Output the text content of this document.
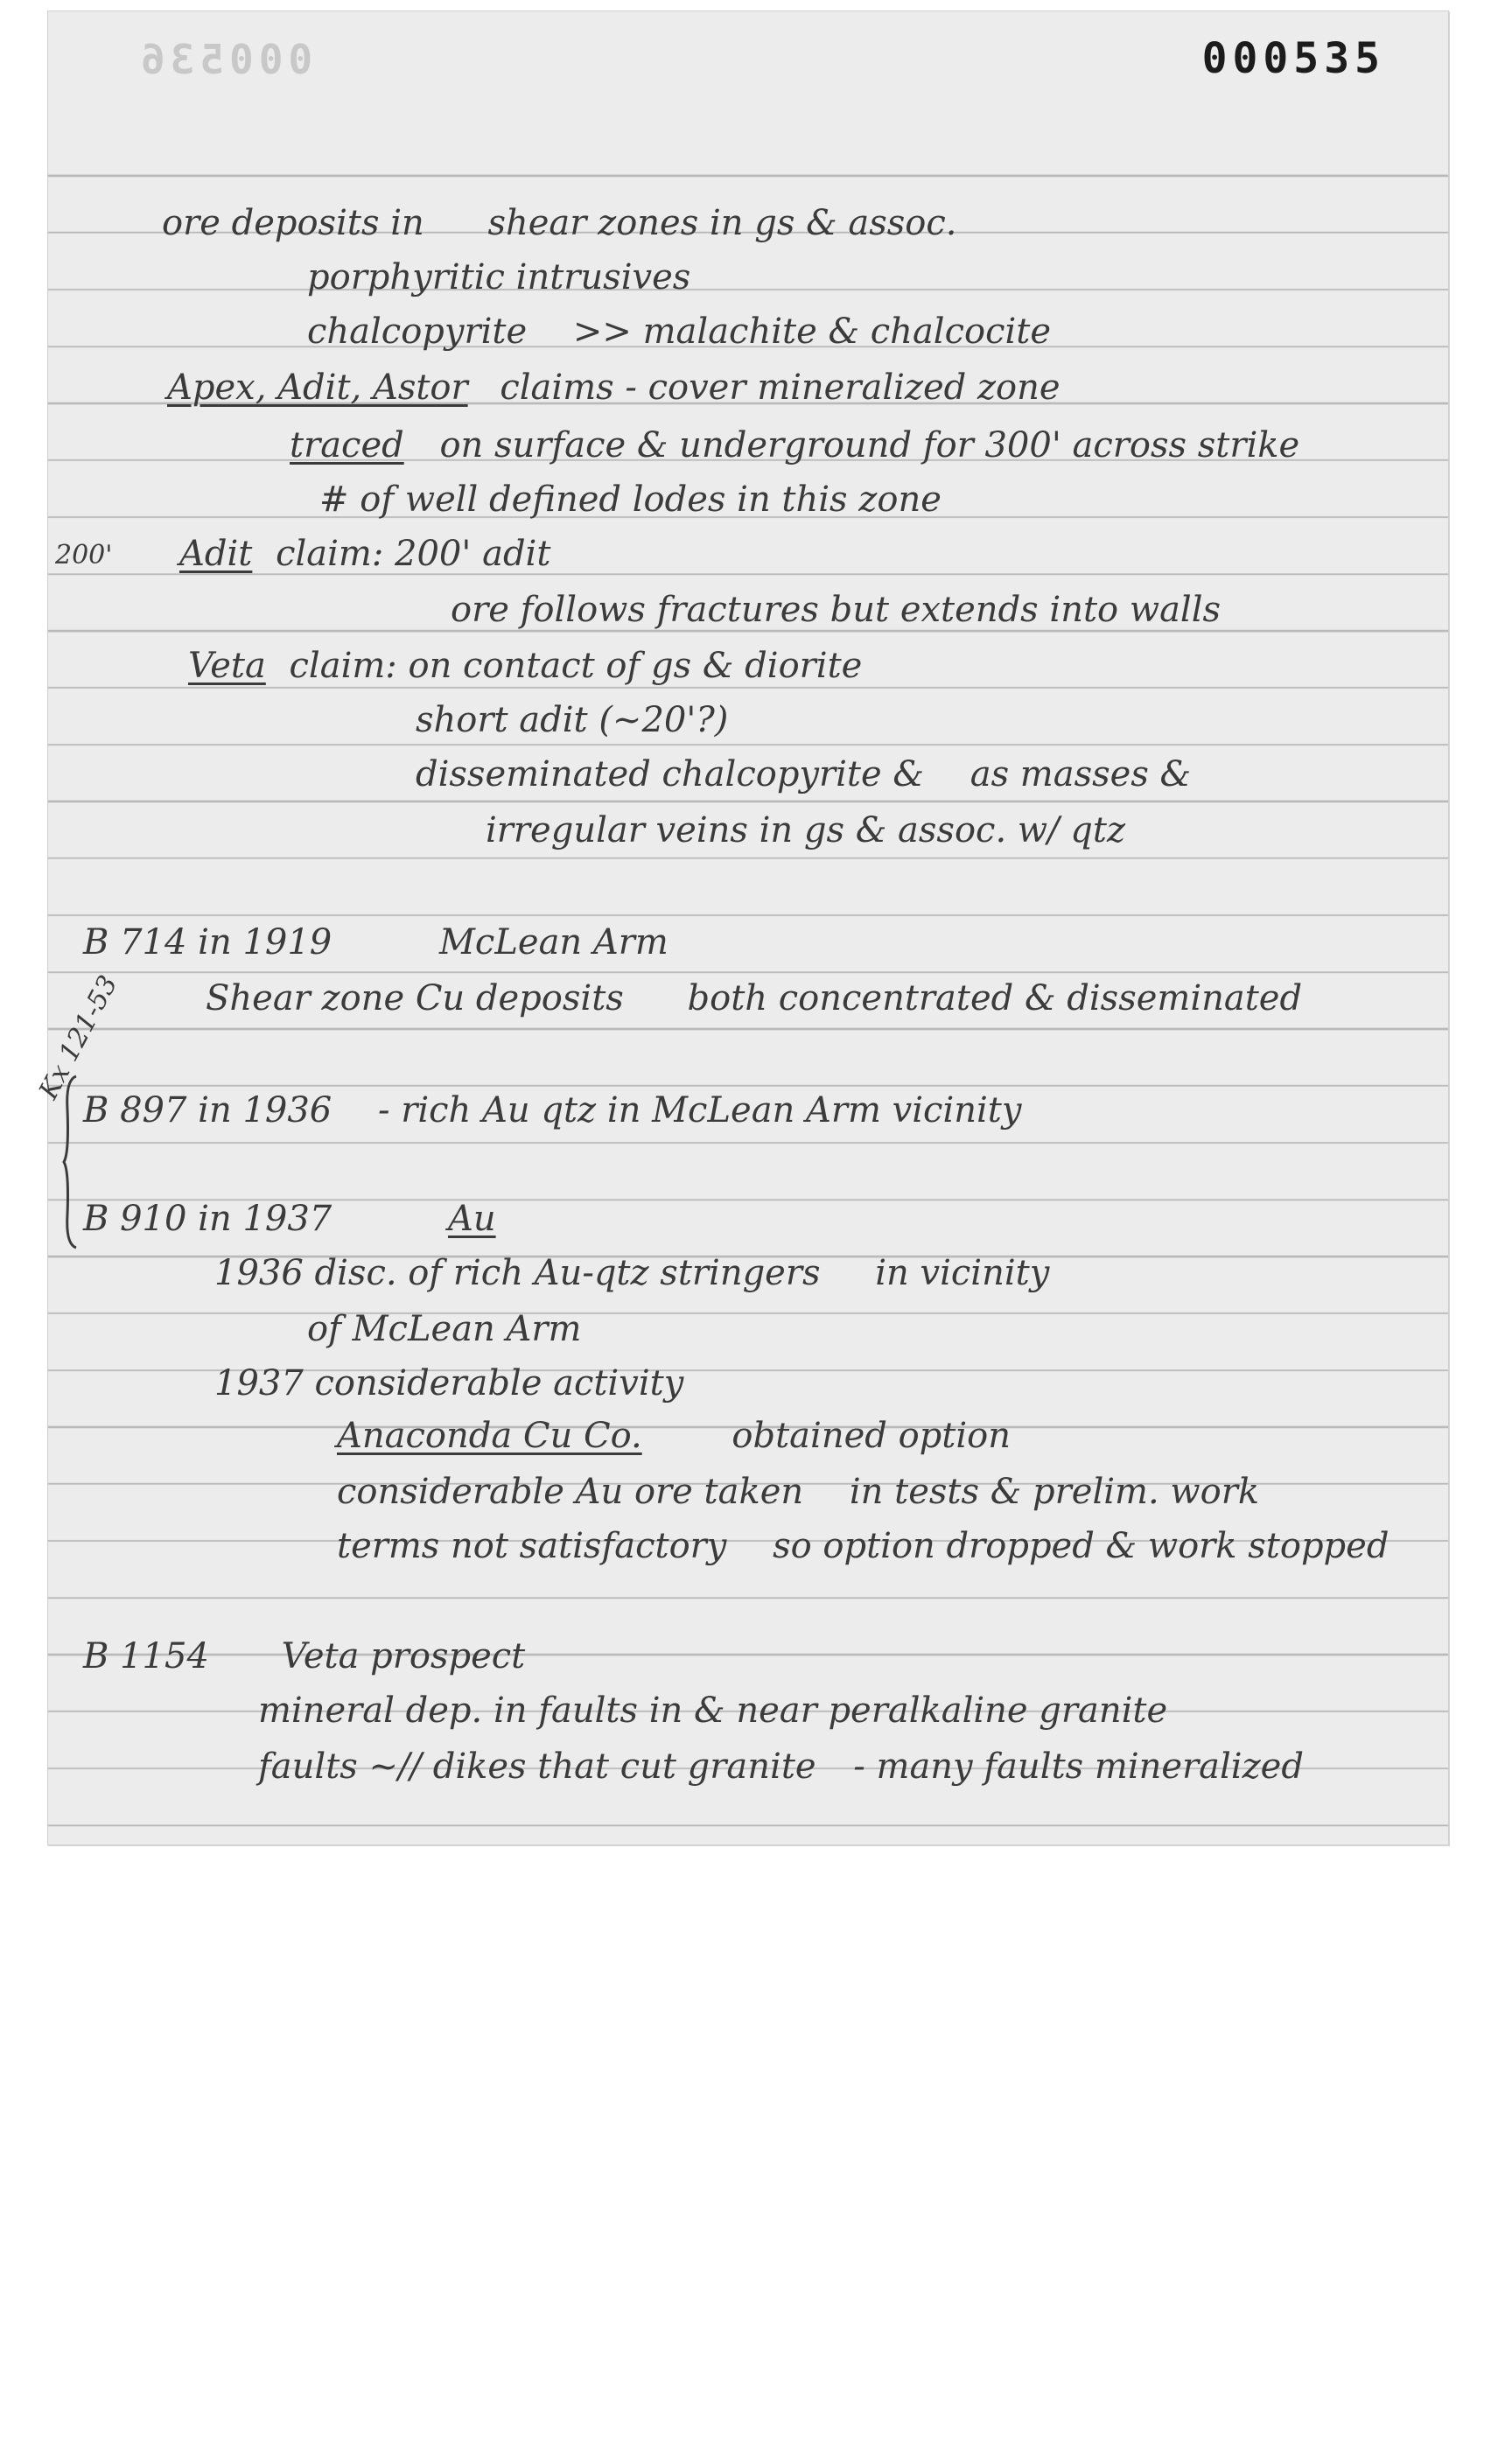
000536	000535

ore deposits in shear zones in gs & assoc.

porphyritic intrusives

chalcopyrite >> malachite & chalcocite

Apex, Adit, Astor claims - cover mineralized zone

traced on surface & underground for 300' across strike

# of well defined lodes in this zone

200' Adit claim: 200' adit

ore follows fractures but extends into walls

Veta claim: on contact of gs & diorite

short adit (~20'?)

disseminated chalcopyrite & as masses &

irregular veins in gs & assoc. w/ qtz

B 714 in 1919	McLean Arm

Shear zone Cu deposits both concentrated & disseminated

Kx 121-53

B 897 in 1936 - rich Au qtz in McLean Arm vicinity

B 910 in 1937	Au

1936 disc. of rich Au-qtz stringers in vicinity

of McLean Arm

1937 considerable activity

Anaconda Cu Co.	obtained option

considerable Au ore taken in tests & prelim. work

terms not satisfactory so option dropped & work stopped

B 1154 Veta prospect

mineral dep. in faults in & near peralkaline granite

faults ~// dikes that cut granite - many faults mineralized
